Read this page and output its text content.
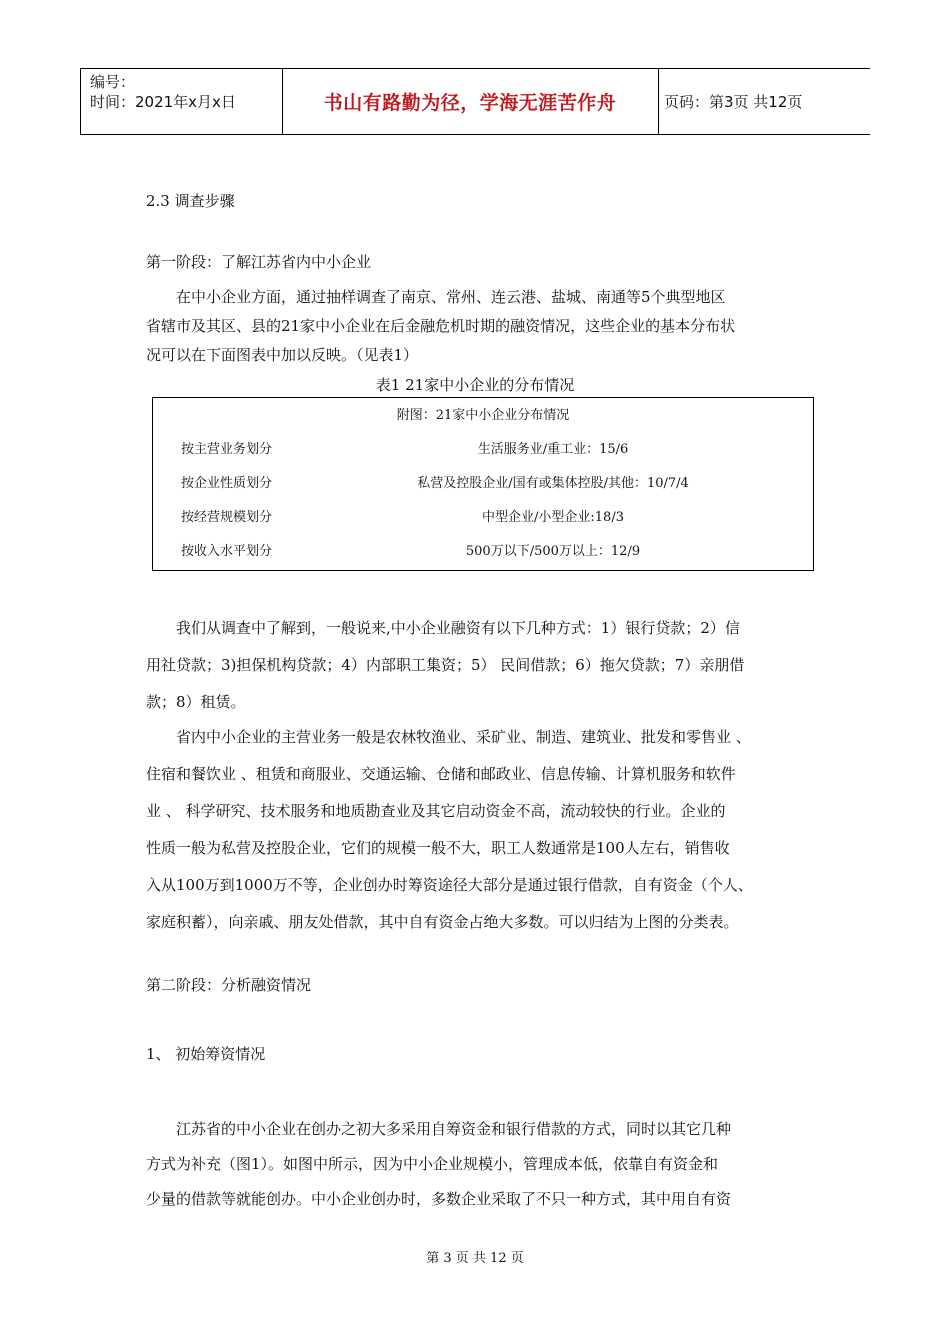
编号：
时间：2021年x月x日	书山有路勤为径，学海无涯苦作舟	页码：第3页 共12页
2.3 调查步骤
第一阶段：了解江苏省内中小企业
　　在中小企业方面，通过抽样调查了南京、常州、连云港、盐城、南通等5个典型地区
省辖市及其区、县的21家中小企业在后金融危机时期的融资情况，这些企业的基本分布状
况可以在下面图表中加以反映。（见表1）
表1 21家中小企业的分布情况
附图：21家中小企业分布情况
按主营业务划分	生活服务业/重工业：15/6
按企业性质划分	私营及控股企业/国有或集体控股/其他：10/7/4
按经营规模划分	中型企业/小型企业:18/3
按收入水平划分	500万以下/500万以上：12/9
　　我们从调查中了解到，一般说来,中小企业融资有以下几种方式：1）银行贷款；2）信
用社贷款；3)担保机构贷款；4）内部职工集资；5） 民间借款；6）拖欠贷款；7）亲朋借
款；8）租赁。
　　省内中小企业的主营业务一般是农林牧渔业、采矿业、制造、建筑业、批发和零售业 、
住宿和餐饮业 、租赁和商服业、交通运输、仓储和邮政业、信息传输、计算机服务和软件
业 、 科学研究、技术服务和地质勘查业及其它启动资金不高，流动较快的行业。企业的
性质一般为私营及控股企业，它们的规模一般不大，职工人数通常是100人左右，销售收
入从100万到1000万不等，企业创办时筹资途径大部分是通过银行借款，自有资金（个人、
家庭积蓄），向亲戚、朋友处借款，其中自有资金占绝大多数。可以归结为上图的分类表。
第二阶段：分析融资情况
1、 初始筹资情况
　　江苏省的中小企业在创办之初大多采用自筹资金和银行借款的方式，同时以其它几种
方式为补充（图1）。如图中所示，因为中小企业规模小，管理成本低，依靠自有资金和
少量的借款等就能创办。中小企业创办时，多数企业采取了不只一种方式，其中用自有资
第 3 页 共 12 页
